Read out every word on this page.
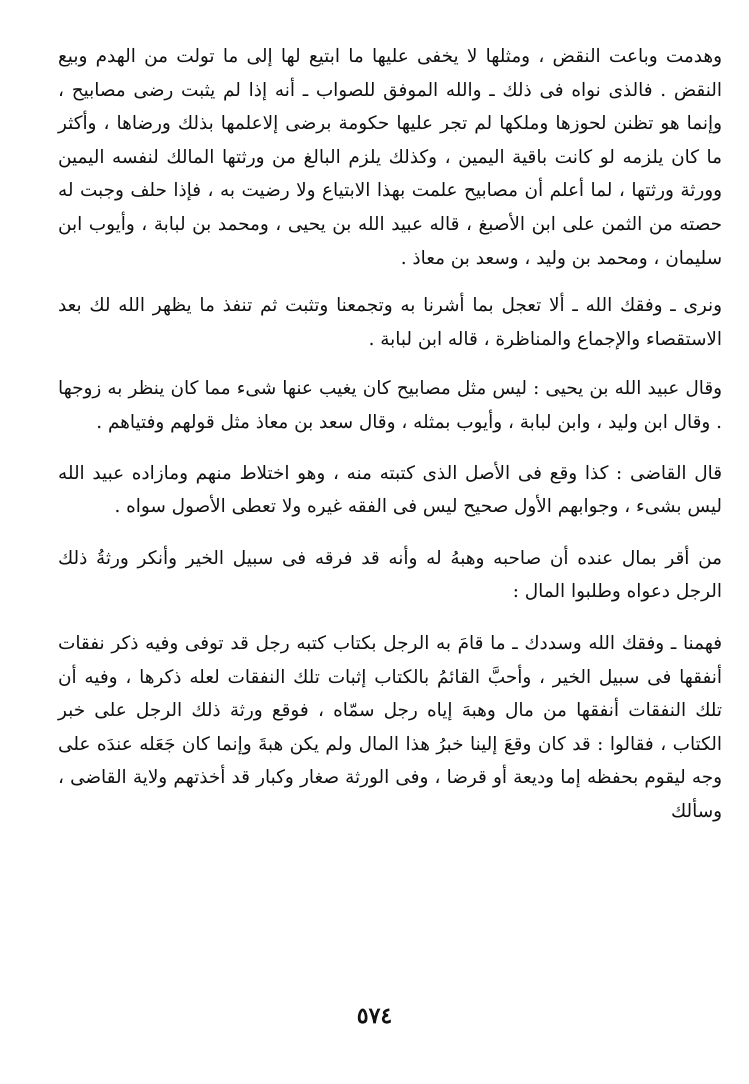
وهدمت وباعت النقض ، ومثلها لا يخفى عليها ما ابتيع لها إلى ما تولت من الهدم وبيع النقض . فالذى نواه فى ذلك ـ والله الموفق للصواب ـ أنه إذا لم يثبت رضى مصابيح ، وإنما هو تظنن لحوزها وملكها لم تجر عليها حكومة برضى إلاعلمها بذلك ورضاها ، وأكثر ما كان يلزمه لو كانت باقية اليمين ، وكذلك يلزم البالغ من ورثتها المالك لنفسه اليمين وورثة ورثتها ، لما أعلم أن مصابيح علمت بهذا الابتياع ولا رضيت به ، فإذا حلف وجبت له حصته من الثمن على ابن الأصبغ ، قاله عبيد الله بن يحيى ، ومحمد بن لبابة ، وأيوب ابن سليمان ، ومحمد بن وليد ، وسعد بن معاذ .

ونرى ـ وفقك الله ـ ألا تعجل بما أشرنا به وتجمعنا وتثبت ثم تنفذ ما يظهر الله لك بعد الاستقصاء والإجماع والمناظرة ، قاله ابن لبابة .

وقال عبيد الله بن يحيى : ليس مثل مصابيح كان يغيب عنها شىء مما كان ينظر به زوجها . وقال ابن وليد ، وابن لبابة ، وأيوب بمثله ، وقال سعد بن معاذ مثل قولهم وفتياهم .

قال القاضى : كذا وقع فى الأصل الذى كتبته منه ، وهو اختلاط منهم ومازاده عبيد الله ليس بشىء ، وجوابهم الأول صحيح ليس فى الفقه غيره ولا تعطى الأصول سواه .

من أقر بمال عنده أن صاحبه وهبهُ له وأنه قد فرقه فى سبيل الخير وأنكر ورثةُ ذلك الرجل دعواه وطلبوا المال :

فهمنا ـ وفقك الله وسددك ـ ما قامَ به الرجل بكتاب كتبه رجل قد توفى وفيه ذكر نفقات أنفقها فى سبيل الخير ، وأحبَّ القائمُ بالكتاب إثبات تلك النفقات لعله ذكرها ، وفيه أن تلك النفقات أنفقها من مال وهبهَ إياه رجل سمّاه ، فوقع ورثة ذلك الرجل على خبر الكتاب ، فقالوا : قد كان وقعَ إلينا خبرُ هذا المال ولم يكن هبةَ وإنما كان جَعَله عندَه على وجه ليقوم بحفظه إما وديعة أو قرضا ، وفى الورثة صغار وكبار قد أخذتهم ولاية القاضى ، وسألك

٥٧٤
